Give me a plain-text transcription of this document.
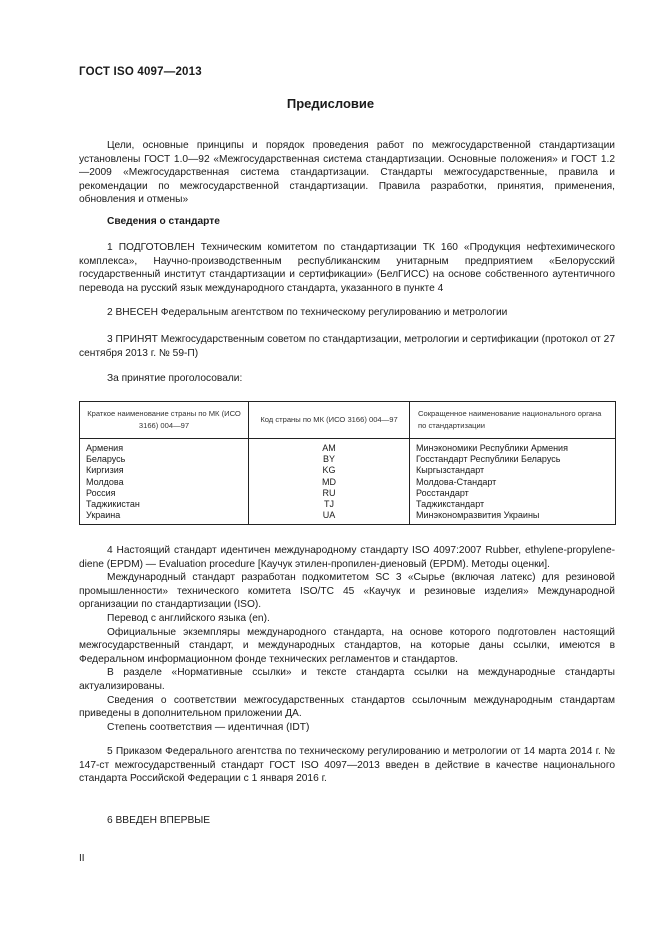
ГОСТ ISO 4097—2013
Предисловие

Цели, основные принципы и порядок проведения работ по межгосударственной стандартизации установлены ГОСТ 1.0—92 «Межгосударственная система стандартизации. Основные положения» и ГОСТ 1.2—2009 «Межгосударственная система стандартизации. Стандарты межгосударственные, правила и рекомендации по межгосударственной стандартизации. Правила разработки, принятия, применения, обновления и отмены»

Сведения о стандарте

1 ПОДГОТОВЛЕН Техническим комитетом по стандартизации ТК 160 «Продукция нефтехимического комплекса», Научно-производственным республиканским унитарным предприятием «Белорусский государственный институт стандартизации и сертификации» (БелГИСС) на основе собственного аутентичного перевода на русский язык международного стандарта, указанного в пункте 4

2 ВНЕСЕН Федеральным агентством по техническому регулированию и метрологии

3 ПРИНЯТ Межгосударственным советом по стандартизации, метрологии и сертификации (протокол от 27 сентября 2013 г. № 59-П)

За принятие проголосовали:

Краткое наименование страны по МК (ИСО 3166) 004—97	Код страны по МК (ИСО 3166) 004—97	Сокращенное наименование национального органа по стандартизации
Армения	AM	Минэкономики Республики Армения
Беларусь	BY	Госстандарт Республики Беларусь
Киргизия	KG	Кыргызстандарт
Молдова	MD	Молдова-Стандарт
Россия	RU	Росстандарт
Таджикистан	TJ	Таджикстандарт
Украина	UA	Минэкономразвития Украины

4 Настоящий стандарт идентичен международному стандарту ISO 4097:2007 Rubber, ethylene-propylene-diene (EPDM) — Evaluation procedure [Каучук этилен-пропилен-диеновый (EPDM). Методы оценки].

Международный стандарт разработан подкомитетом SC 3 «Сырье (включая латекс) для резиновой промышленности» технического комитета ISO/TC 45 «Каучук и резиновые изделия» Международной организации по стандартизации (ISO).

Перевод с английского языка (en).

Официальные экземпляры международного стандарта, на основе которого подготовлен настоящий межгосударственный стандарт, и международных стандартов, на которые даны ссылки, имеются в Федеральном информационном фонде технических регламентов и стандартов.

В разделе «Нормативные ссылки» и тексте стандарта ссылки на международные стандарты актуализированы.

Сведения о соответствии межгосударственных стандартов ссылочным международным стандартам приведены в дополнительном приложении ДА.

Степень соответствия — идентичная (IDT)

5 Приказом Федерального агентства по техническому регулированию и метрологии от 14 марта 2014 г. № 147-ст межгосударственный стандарт ГОСТ ISO 4097—2013 введен в действие в качестве национального стандарта Российской Федерации с 1 января 2016 г.

6 ВВЕДЕН ВПЕРВЫЕ

II
